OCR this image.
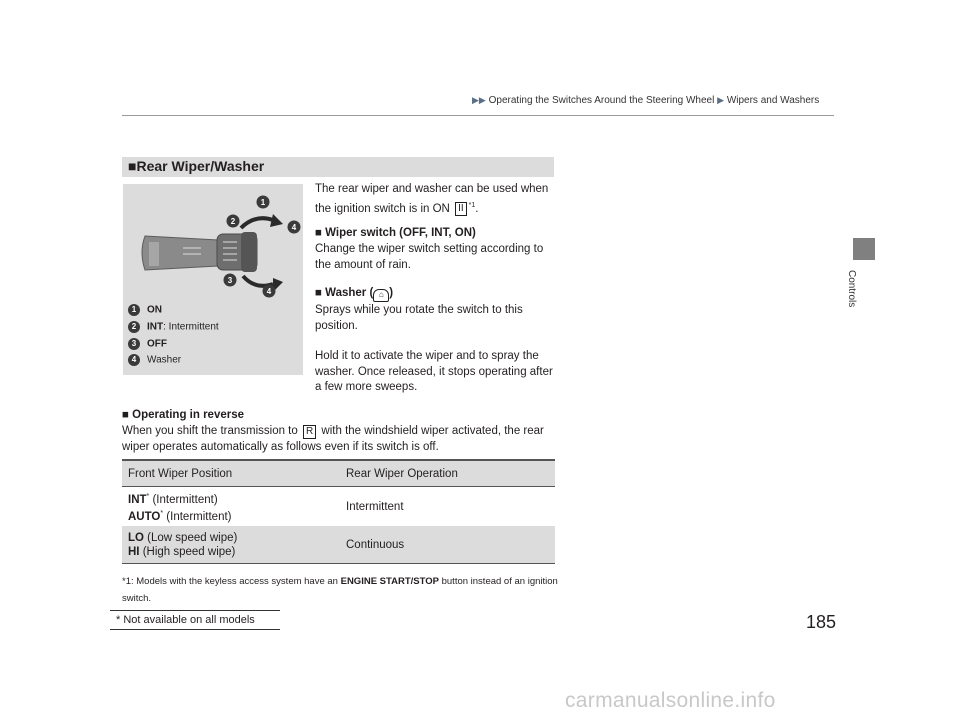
▶▶ Operating the Switches Around the Steering Wheel ▶ Wipers and Washers
Controls
■Rear Wiper/Washer
1
2
4
3
4
1 ON
2 INT: Intermittent
3 OFF
4 Washer
The rear wiper and washer can be used when
the ignition switch is in ON II $^{*1}$.
■ Wiper switch (OFF, INT, ON)
Change the wiper switch setting according to the amount of rain.
■ Washer ( ⌂ )
Sprays while you rotate the switch to this position.
Hold it to activate the wiper and to spray the washer. Once released, it stops operating after a few more sweeps.
■ Operating in reverse
When you shift the transmission to R with the windshield wiper activated, the rear wiper operates automatically as follows even if its switch is off.
Front Wiper Position	Rear Wiper Operation

INT* (Intermittent)
AUTO* (Intermittent)	Intermittent

LO (Low speed wipe)
HI (High speed wipe)	Continuous
*1: Models with the keyless access system have an ENGINE START/STOP button instead of an ignition switch.
* Not available on all models	185
carmanualsonline.info
